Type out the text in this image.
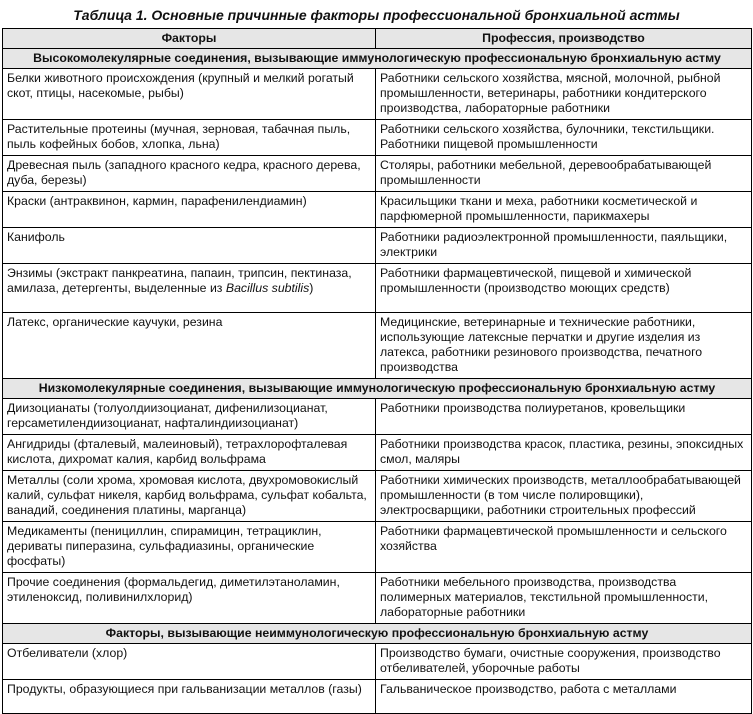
Таблица 1. Основные причинные факторы профессиональной бронхиальной астмы
Факторы	Профессия, производство
Высокомолекулярные соединения, вызывающие иммунологическую профессиональную бронхиальную астму	
Белки животного происхождения (крупный и мелкий рогатый скот, птицы, насекомые, рыбы)	Работники сельского хозяйства, мясной, молочной, рыбной промышленности, ветеринары, работники кондитерского производства, лабораторные работники
Растительные протеины (мучная, зерновая, табачная пыль, пыль кофейных бобов, хлопка, льна)	Работники сельского хозяйства, булочники, текстильщики. Работники пищевой промышленности
Древесная пыль (западного красного кедра, красного дерева, дуба, березы)	Столяры, работники мебельной, деревообрабатывающей промышленности
Краски (антраквинон, кармин, парафенилендиамин)	Красильщики ткани и меха, работники косметической и парфюмерной промышленности, парикмахеры
Канифоль	Работники радиоэлектронной промышленности, паяльщики, электрики
Энзимы (экстракт панкреатина, папаин, трипсин, пектиназа, амилаза, детергенты, выделенные из Bacillus subtilis)	Работники фармацевтической, пищевой и химической промышленности (производство моющих средств)
Латекс, органические каучуки, резина	Медицинские, ветеринарные и технические работники, использующие латексные перчатки и другие изделия из латекса, работники резинового производства, печатного производства
Низкомолекулярные соединения, вызывающие иммунологическую профессиональную бронхиальную астму	
Диизоцианаты (толуолдиизоцианат, дифенилизоцианат, герсаметилендиизоцианат, нафталиндиизоцианат)	Работники производства полиуретанов, кровельщики
Ангидриды (фталевый, малеиновый), тетрахлорофталевая кислота, дихромат калия, карбид вольфрама	Работники производства красок, пластика, резины, эпоксидных смол, маляры
Металлы (соли хрома, хромовая кислота, двухромовокислый калий, сульфат никеля, карбид вольфрама, сульфат кобальта, ванадий, соединения платины, марганца)	Работники химических производств, металлообрабатывающей промышленности (в том числе полировщики), электросварщики, работники строительных профессий
Медикаменты (пенициллин, спирамицин, тетрациклин, дериваты пиперазина, сульфадиазины, органические фосфаты)	Работники фармацевтической промышленности и сельского хозяйства
Прочие соединения (формальдегид, диметилэтаноламин, этиленоксид, поливинилхлорид)	Работники мебельного производства, производства полимерных материалов, текстильной промышленности, лабораторные работники
Факторы, вызывающие неиммунологическую профессиональную бронхиальную астму	
Отбеливатели (хлор)	Производство бумаги, очистные сооружения, производство отбеливателей, уборочные работы
Продукты, образующиеся при гальванизации металлов (газы)	Гальваническое производство, работа с металлами
